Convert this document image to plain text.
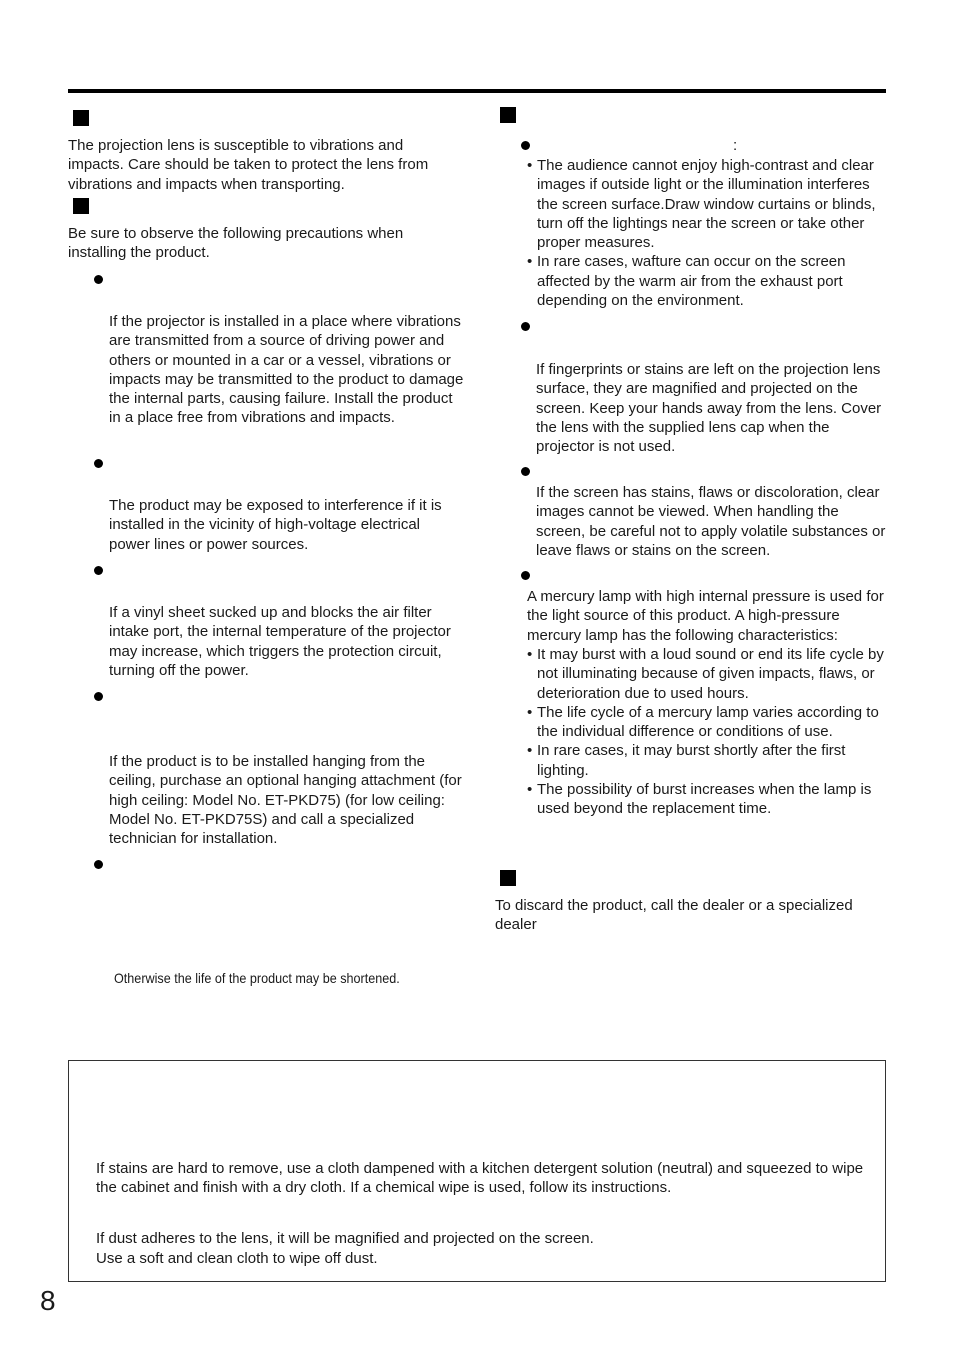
The projection lens is susceptible to vibrations and impacts. Care should be taken to protect the lens from vibrations and impacts when transporting.

Be sure to observe the following precautions when installing the product.

If the projector is installed in a place where vibrations are transmitted from a source of driving power and others or mounted in a car or a vessel, vibrations or impacts may be transmitted to the product to damage the internal parts, causing failure. Install the product in a place free from vibrations and impacts.

The product may be exposed to interference if it is installed in the vicinity of high-voltage electrical power lines or power sources.

If a vinyl sheet sucked up and blocks the air filter intake port, the internal temperature of the projector may increase, which triggers the protection circuit, turning off the power.

If the product is to be installed hanging from the ceiling, purchase an optional hanging attachment (for high ceiling: Model No. ET-PKD75) (for low ceiling: Model No. ET-PKD75S) and call a specialized technician for installation.

Otherwise the life of the product may be shortened.
:
• The audience cannot enjoy high-contrast and clear images if outside light or the illumination interferes the screen surface.Draw window curtains or blinds, turn off the lightings near the screen or take other proper measures.
• In rare cases, wafture can occur on the screen affected by the warm air from the exhaust port depending on the environment.

If fingerprints or stains are left on the projection lens surface, they are magnified and projected on the screen. Keep your hands away from the lens. Cover the lens with the supplied lens cap when the projector is not used.

If the screen has stains, flaws or discoloration, clear images cannot be viewed. When handling the screen, be careful not to apply volatile substances or leave flaws or stains on the screen.

A mercury lamp with high internal pressure is used for the light source of this product. A high-pressure mercury lamp has the following characteristics:

• It may burst with a loud sound or end its life cycle by not illuminating because of given impacts, flaws, or deterioration due to used hours.
• The life cycle of a mercury lamp varies according to the individual difference or conditions of use.
• In rare cases, it may burst shortly after the first lighting.
• The possibility of burst increases when the lamp is used beyond the replacement time.

To discard the product, call the dealer or a specialized dealer

If stains are hard to remove, use a cloth dampened with a kitchen detergent solution (neutral) and squeezed to wipe the cabinet and finish with a dry cloth. If a chemical wipe is used, follow its instructions.

If dust adheres to the lens, it will be magnified and projected on the screen.

Use a soft and clean cloth to wipe off dust.

8
